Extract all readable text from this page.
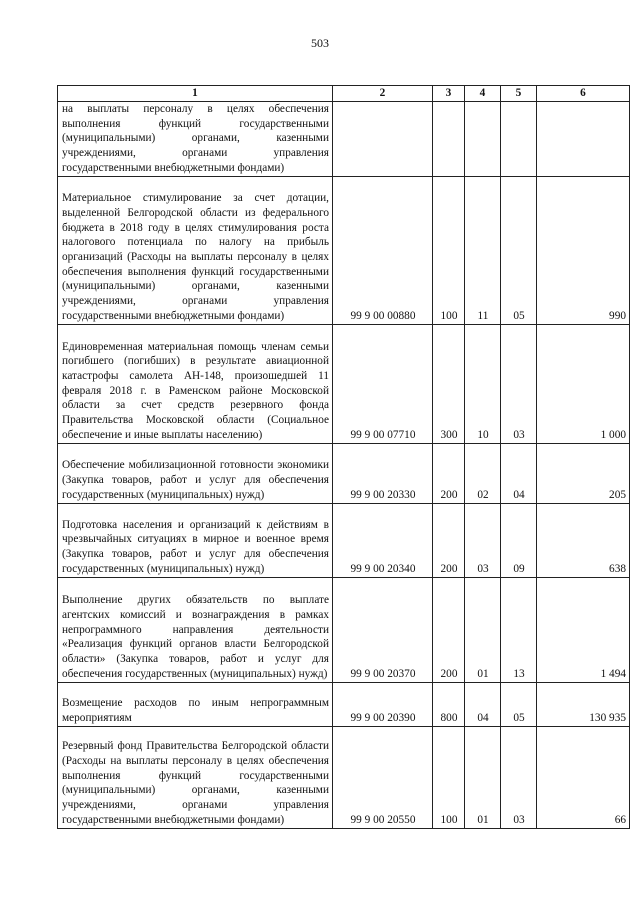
503
1	2	3	4	5	6
на выплаты персоналу в целях обеспечения выполнения функций государственными (муниципальными) органами, казенными учреждениями, органами управления государственными внебюджетными фондами)					
Материальное стимулирование за счет дотации, выделенной Белгородской области из федерального бюджета в 2018 году в целях стимулирования роста налогового потенциала по налогу на прибыль организаций (Расходы на выплаты персоналу в целях обеспечения выполнения функций государственными (муниципальными) органами, казенными учреждениями, органами управления государственными внебюджетными фондами)	99 9 00 00880	100	11	05	990
Единовременная материальная помощь членам семьи погибшего (погибших) в результате авиационной катастрофы самолета АН-148, произошедшей 11 февраля 2018 г. в Раменском районе Московской области за счет средств резервного фонда Правительства Московской области (Социальное обеспечение и иные выплаты населению)	99 9 00 07710	300	10	03	1 000
Обеспечение мобилизационной готовности экономики (Закупка товаров, работ и услуг для обеспечения государственных (муниципальных) нужд)	99 9 00 20330	200	02	04	205
Подготовка населения и организаций к действиям в чрезвычайных ситуациях в мирное и военное время (Закупка товаров, работ и услуг для обеспечения государственных (муниципальных) нужд)	99 9 00 20340	200	03	09	638
Выполнение других обязательств по выплате агентских комиссий и вознаграждения в рамках непрограммного направления деятельности «Реализация функций органов власти Белгородской области» (Закупка товаров, работ и услуг для обеспечения государственных (муниципальных) нужд)	99 9 00 20370	200	01	13	1 494
Возмещение расходов по иным непрограммным мероприятиям	99 9 00 20390	800	04	05	130 935
Резервный фонд Правительства Белгородской области (Расходы на выплаты персоналу в целях обеспечения выполнения функций государственными (муниципальными) органами, казенными учреждениями, органами управления государственными внебюджетными фондами)	99 9 00 20550	100	01	03	66
